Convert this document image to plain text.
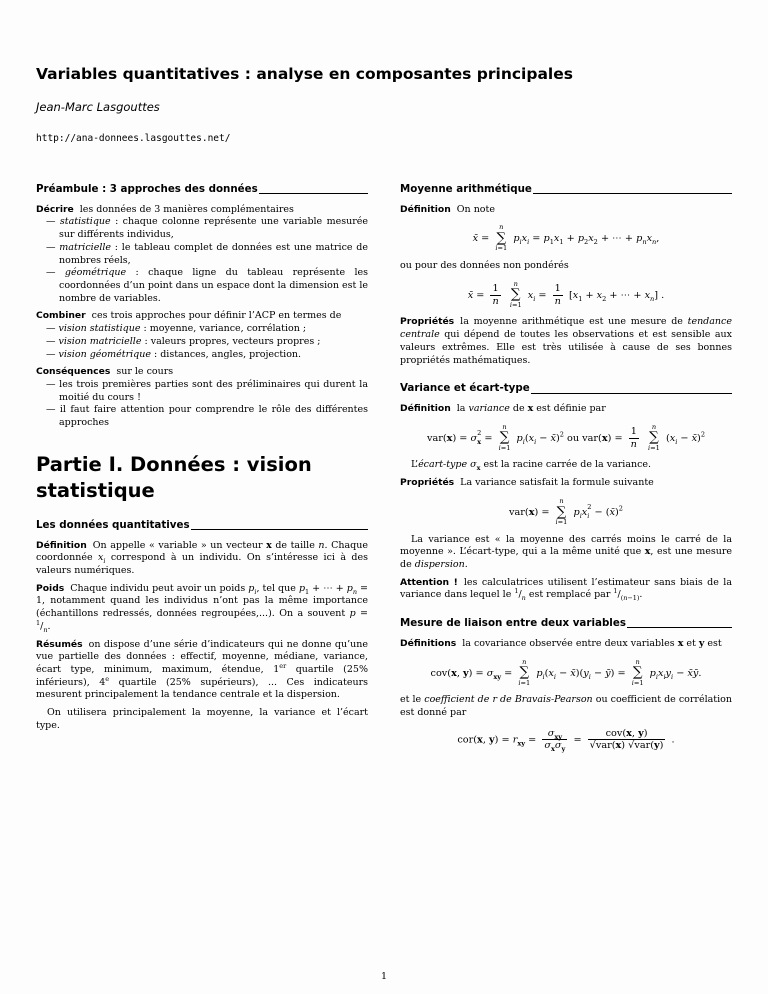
Variables quantitatives : analyse en composantes principales
Jean-Marc Lasgouttes
http://ana-donnees.lasgouttes.net/
Préambule : 3 approches des données

Décrire les données de 3 manières complémentaires

— statistique : chaque colonne représente une variable mesurée sur différents individus,
— matricielle : le tableau complet de données est une matrice de nombres réels,
— géométrique : chaque ligne du tableau représente les coordonnées d’un point dans un espace dont la dimension est le nombre de variables.

Combiner ces trois approches pour définir l’ACP en termes de

— vision statistique : moyenne, variance, corrélation ;
— vision matricielle : valeurs propres, vecteurs propres ;
— vision géométrique : distances, angles, projection.

Conséquences sur le cours

— les trois premières parties sont des préliminaires qui durent la moitié du cours !
— il faut faire attention pour comprendre le rôle des différentes approches
Partie I. Données : vision statistique
Les données quantitatives

Définition On appelle « variable » un vecteur x de taille n. Chaque coordonnée $x_i$ correspond à un individu. On s’intéresse ici à des valeurs numériques.

Poids Chaque individu peut avoir un poids $p_i$, tel que $p_1$ + ⋯ + $p_n = 1$, notamment quand les individus n’ont pas la même importance (échantillons redressés, données regroupées,...). On a souvent $p = ^1/_n$.

Résumés on dispose d’une série d’indicateurs qui ne donne qu’une vue partielle des données : effectif, moyenne, médiane, variance, écart type, minimum, maximum, étendue, 1er quartile (25% inférieurs), 4e quartile (25% supérieurs), ... Ces indicateurs mesurent principalement la tendance centrale et la dispersion.

On utilisera principalement la moyenne, la variance et l’écart type.

Moyenne arithmétique

Définition On note

x̄ =
n
∑
i=1
$p_ix_i = p_1x_1 + p_2x_2$ + ⋯ + $p_nx_n$,

ou pour des données non pondérés

x̄ = $\frac{1}{n}$
n
∑
i=1
$x_i = \frac{1}{n} [x_1 + x_2$ + ⋯ + $x_n$] .

Propriétés la moyenne arithmétique est une mesure de tendance centrale qui dépend de toutes les observations et est sensible aux valeurs extrêmes. Elle est très utilisée à cause de ses bonnes propriétés mathématiques.

Variance et écart-type

Définition la variance de x est définie par

var(x) = σ 2
x =
n
∑
i=1
$p_i(x_i$ − x̄)$^2$ ou $var(x) = \frac{1}{n}$
n
∑
i=1
($x_i$ − x̄)$^2$

L’écart-type $\sigma_x$ est la racine carrée de la variance.

Propriétés La variance satisfait la formule suivante

var(x) =
n
∑
i=1
$p_ix$ 2
i − (x̄)$^2$

La variance est « la moyenne des carrés moins le carré de la moyenne ». L’écart-type, qui a la même unité que x, est une mesure de dispersion.

Attention ! les calculatrices utilisent l’estimateur sans biais de la variance dans lequel le $^1/_n$ est remplacé par $^1/_{(n-1)}$.

Mesure de liaison entre deux variables

Définitions la covariance observée entre deux variables x et y est

cov(x, $y) = \sigma_{xy}$ =
n
∑
i=1
$p_i(x_i$ − $x̄)(y_i$ − ȳ) =
n
∑
i=1
$p_ix_iy_i$ − x̄ȳ.

et le coefficient de r de Bravais-Pearson ou coefficient de corrélation est donné par

cor(x, $y) = r_{xy} = \frac{\sigma_{xy}}{\sigma_x\sigma_y} = \frac{\text{cov(x, y)}}{\text{√var(x) √var(y)}}$ .
1
